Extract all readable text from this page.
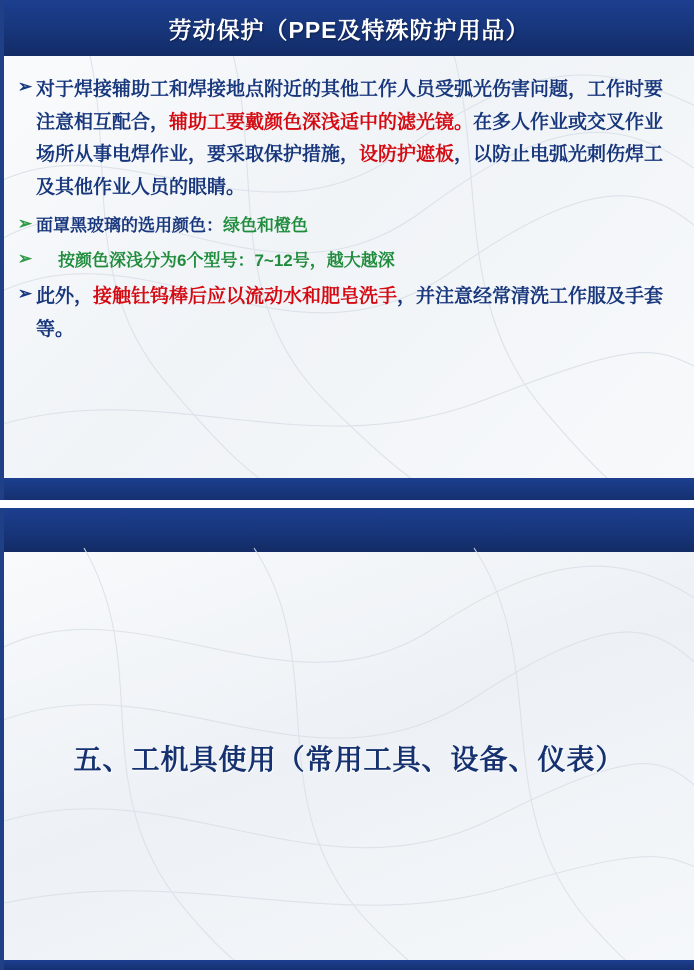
劳动保护（PPE及特殊防护用品）
➢ 对于焊接辅助工和焊接地点附近的其他工作人员受弧光伤害问题，工作时要注意相互配合，辅助工要戴颜色深浅适中的滤光镜。在多人作业或交叉作业场所从事电焊作业，要采取保护措施，设防护遮板，以防止电弧光刺伤焊工及其他作业人员的眼睛。
➢ 面罩黑玻璃的选用颜色：绿色和橙色
➢	按颜色深浅分为6个型号：7~12号，越大越深
➢ 此外，接触钍钨棒后应以流动水和肥皂洗手，并注意经常清洗工作服及手套等。
五、工机具使用（常用工具、设备、仪表）
